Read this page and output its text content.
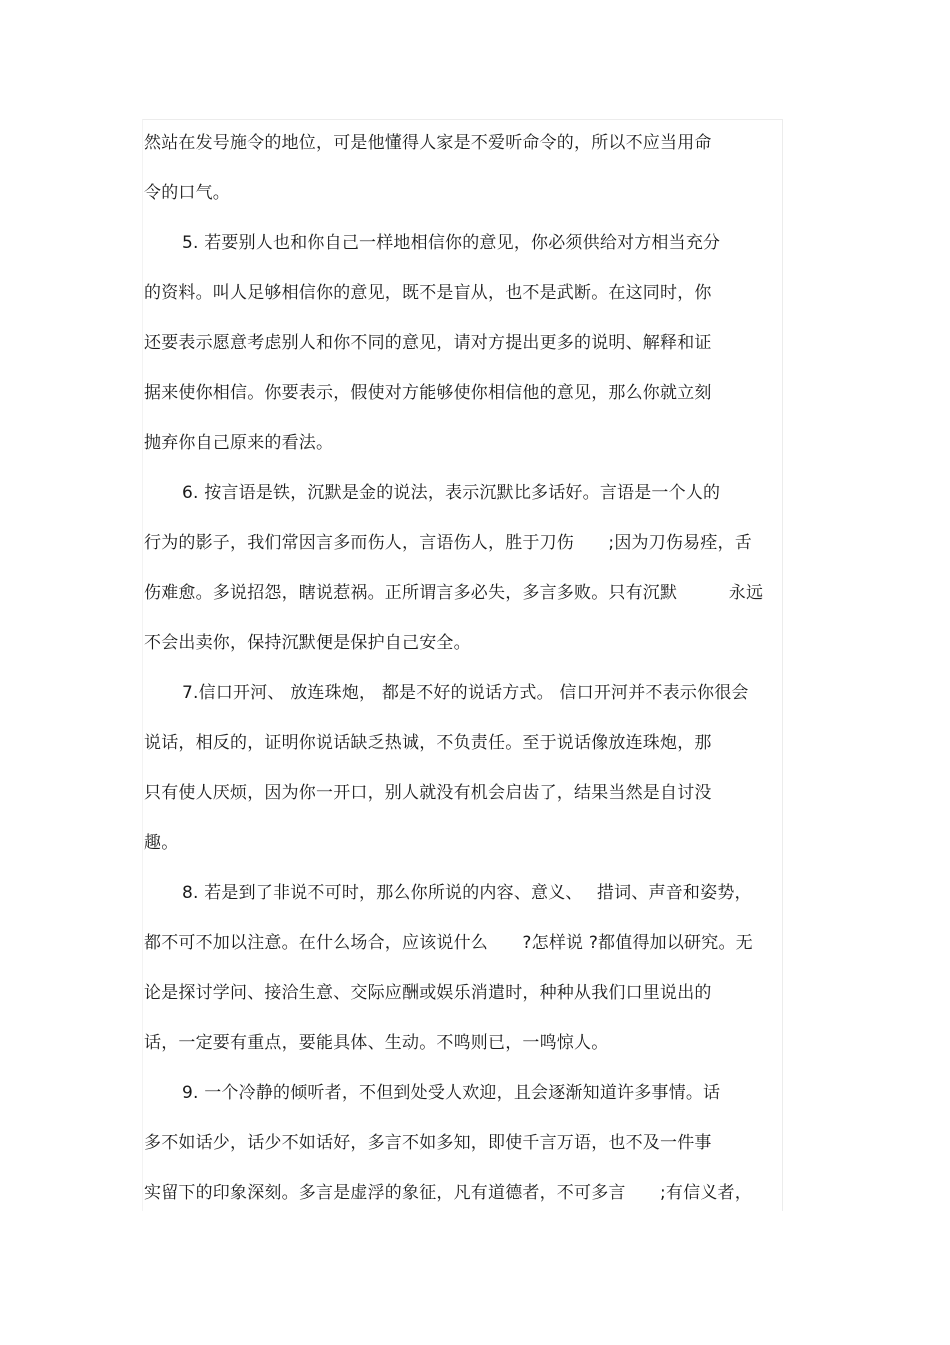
然站在发号施令的地位，可是他懂得人家是不爱听命令的，所以不应当用命
令的口气。
5. 若要别人也和你自己一样地相信你的意见，你必须供给对方相当充分
的资料。叫人足够相信你的意见，既不是盲从，也不是武断。在这同时，你
还要表示愿意考虑别人和你不同的意见，请对方提出更多的说明、解释和证
据来使你相信。你要表示，假使对方能够使你相信他的意见，那么你就立刻
抛弃你自己原来的看法。
6. 按言语是铁，沉默是金的说法，表示沉默比多话好。言语是一个人的
行为的影子，我们常因言多而伤人，言语伤人，胜于刀伤　　;因为刀伤易痊，舌
伤难愈。多说招怨，瞎说惹祸。正所谓言多必失，多言多败。只有沉默　　　永远
不会出卖你，保持沉默便是保护自己安全。
7.信口开河、 放连珠炮， 都是不好的说话方式。 信口开河并不表示你很会
说话，相反的，证明你说话缺乏热诚，不负责任。至于说话像放连珠炮，那
只有使人厌烦，因为你一开口，别人就没有机会启齿了，结果当然是自讨没
趣。
8. 若是到了非说不可时，那么你所说的内容、意义、　 措词、声音和姿势，
都不可不加以注意。在什么场合，应该说什么　　?怎样说 ?都值得加以研究。无
论是探讨学问、接洽生意、交际应酬或娱乐消遣时，种种从我们口里说出的
话，一定要有重点，要能具体、生动。不鸣则已，一鸣惊人。
9. 一个冷静的倾听者，不但到处受人欢迎，且会逐渐知道许多事情。话
多不如话少，话少不如话好，多言不如多知，即使千言万语，也不及一件事
实留下的印象深刻。多言是虚浮的象征，凡有道德者，不可多言　　;有信义者，
